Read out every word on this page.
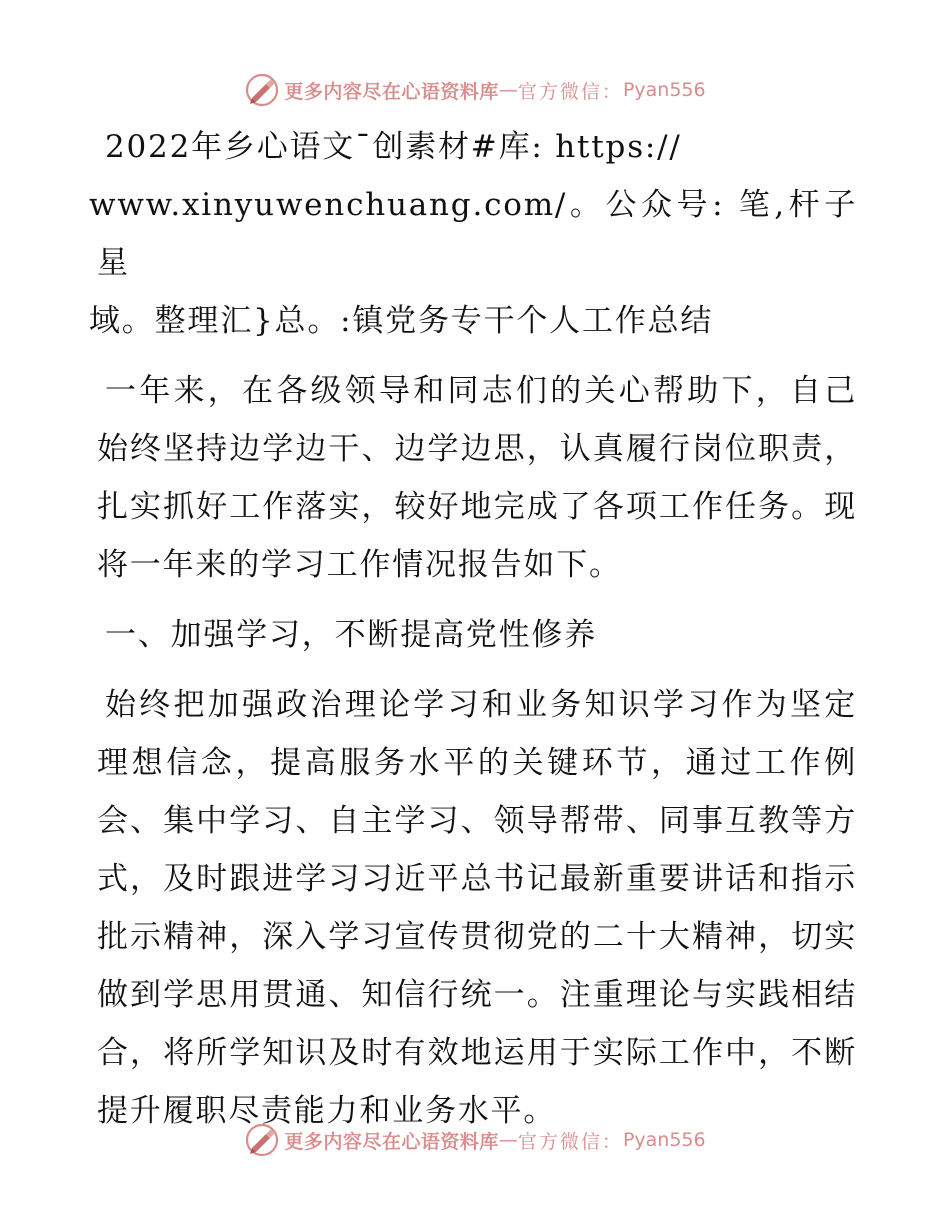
更多内容尽在心语资料库 — 官方微信： Pyan556

2022年乡心语文¯创素材#库: https://
www.xinyuwenchuang.com/。公众号: 笔,杆子星
域。整理汇}总。:镇党务专干个人工作总结

一年来，在各级领导和同志们的关心帮助下，自己始终坚持边学边干、边学边思，认真履行岗位职责，扎实抓好工作落实，较好地完成了各项工作任务。现将一年来的学习工作情况报告如下。

一、加强学习，不断提高党性修养

始终把加强政治理论学习和业务知识学习作为坚定理想信念，提高服务水平的关键环节，通过工作例会、集中学习、自主学习、领导帮带、同事互教等方式，及时跟进学习习近平总书记最新重要讲话和指示批示精神，深入学习宣传贯彻党的二十大精神，切实做到学思用贯通、知信行统一。注重理论与实践相结合，将所学知识及时有效地运用于实际工作中，不断提升履职尽责能力和业务水平。

更多内容尽在心语资料库 — 官方微信： Pyan556
